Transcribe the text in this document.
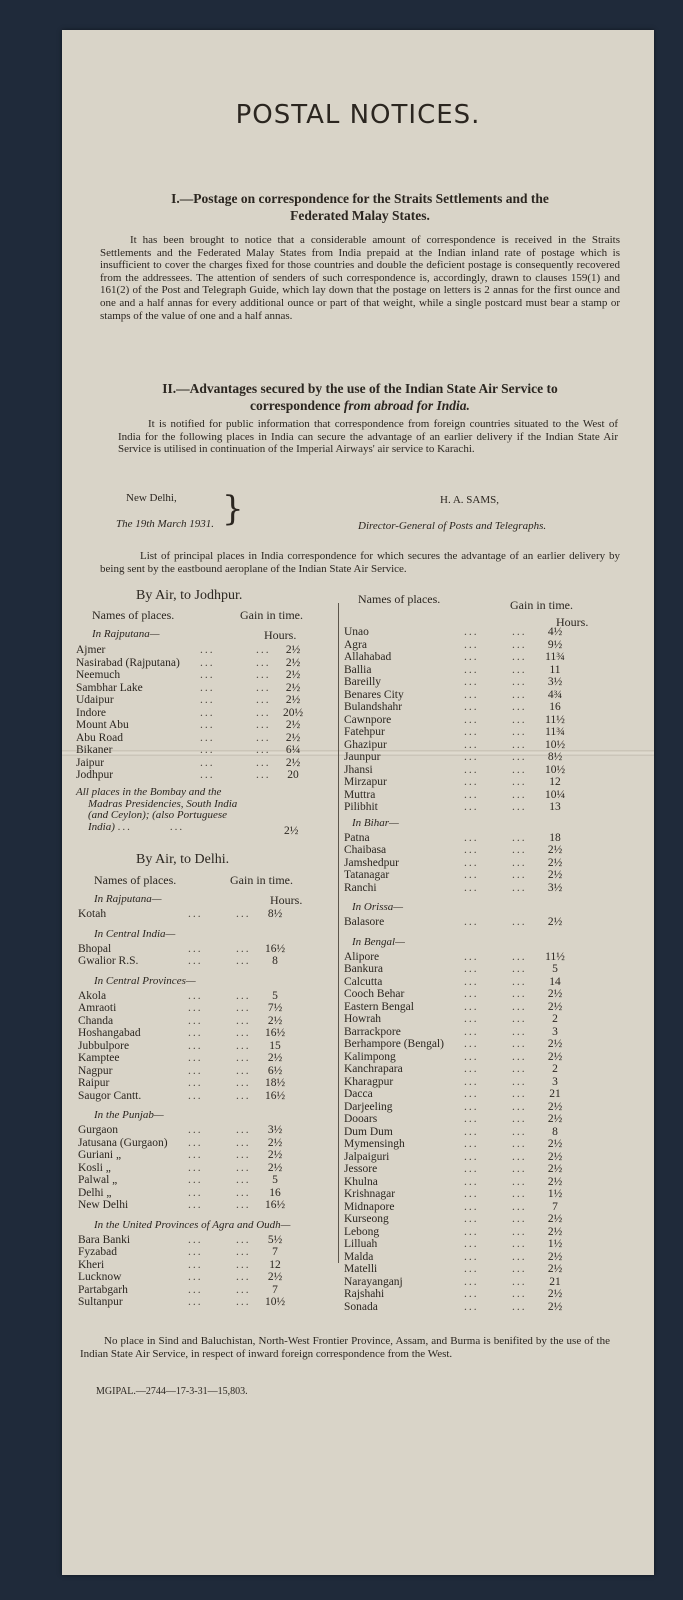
POSTAL NOTICES.
I.—Postage on correspondence for the Straits Settlements and the
Federated Malay States.
It has been brought to notice that a considerable amount of correspondence is received in the Straits Settlements and the Federated Malay States from India prepaid at the Indian inland rate of postage which is insufficient to cover the charges fixed for those countries and double the deficient postage is consequently recovered from the addressees. The attention of senders of such correspondence is, accordingly, drawn to clauses 159(1) and 161(2) of the Post and Telegraph Guide, which lay down that the postage on letters is 2 annas for the first ounce and one and a half annas for every additional ounce or part of that weight, while a single postcard must bear a stamp or stamps of the value of one and a half annas.
II.—Advantages secured by the use of the Indian State Air Service to
correspondence from abroad for India.
It is notified for public information that correspondence from foreign countries situated to the West of India for the following places in India can secure the advantage of an earlier delivery if the Indian State Air Service is utilised in continuation of the Imperial Airways' air service to Karachi.
New Delhi,
The 19th March 1931. }	H. A. SAMS,
Director-General of Posts and Telegraphs.
List of principal places in India correspondence for which secures the advantage of an earlier delivery by being sent by the eastbound aeroplane of the Indian State Air Service.
By Air, to Jodhpur.
Names of places.	Gain in time.
In Rajputana—	Hours.
Ajmer	...	...	2½
Nasirabad (Rajputana) ...	...	2½
Neemuch	...	...	2½
Sambhar Lake	...	...	2½
Udaipur	...	...	2½
Indore	...	...	20½
Mount Abu	...	...	2½
Abu Road	...	...	2½
Bikaner	...	...	6¼
Jaipur	...	...	2½
Jodhpur	...	...	20
All places in the Bombay and the
Madras Presidencies, South India
(and Ceylon); (also Portuguese
India) ...        ...	2½
By Air, to Delhi.
Names of places.	Gain in time.
Hours.
In Rajputana—
Kotah	...	...	8½
In Central India—
Bhopal	...	...	16½
Gwalior R.S.	...	...	8
In Central Provinces—
Akola	...	...	5
Amraoti	...	...	7½
Chanda	...	...	2½
Hoshangabad	...	...	16½
Jubbulpore	...	...	15
Kamptee	...	...	2½
Nagpur	...	...	6½
Raipur	...	...	18½
Saugor Cantt.	...	...	16½
In the Punjab—
Gurgaon	...	...	3½
Jatusana (Gurgaon) ...	...	2½
Guriani „	...	...	2½
Kosli „	...	...	2½
Palwal „	...	...	5
Delhi „	...	...	16
New Delhi	...	...	16½
In the United Provinces of Agra and Oudh—
Bara Banki	...	...	5½
Fyzabad	...	...	7
Kheri	...	...	12
Lucknow	...	...	2½
Partabgarh	...	...	7
Sultanpur	...	...	10½
Names of places.	Gain in time.
Hours.
Unao	...	...	4½
Agra	...	...	9½
Allahabad	...	...	11¾
Ballia	...	...	11
Bareilly	...	...	3½
Benares City	...	...	4¾
Bulandshahr	...	...	16
Cawnpore	...	...	11½
Fatehpur	...	...	11¾
Ghazipur	...	...	10½
Jaunpur	...	...	8½
Jhansi	...	...	10½
Mirzapur	...	...	12
Muttra	...	...	10¼
Pilibhit	...	...	13
In Bihar—
Patna	...	...	18
Chaibasa	...	...	2½
Jamshedpur	...	...	2½
Tatanagar	...	...	2½
Ranchi	...	...	3½
In Orissa—
Balasore	...	...	2½
In Bengal—
Alipore	...	...	11½
Bankura	...	...	5
Calcutta	...	...	14
Cooch Behar	...	...	2½
Eastern Bengal	...	...	2½
Howrah	...	...	2
Barrackpore	...	...	3
Berhampore (Bengal) ...	...	2½
Kalimpong	...	...	2½
Kanchrapara	...	...	2
Kharagpur	...	...	3
Dacca	...	...	21
Darjeeling	...	...	2½
Dooars	...	...	2½
Dum Dum	...	...	8
Mymensingh	...	...	2½
Jalpaiguri	...	...	2½
Jessore	...	...	2½
Khulna	...	...	2½
Krishnagar	...	...	1½
Midnapore	...	...	7
Kurseong	...	...	2½
Lebong	...	...	2½
Lilluah	...	...	1½
Malda	...	...	2½
Matelli	...	...	2½
Narayanganj	...	...	21
Rajshahi	...	...	2½
Sonada	...	...	2½
No place in Sind and Baluchistan, North-West Frontier Province, Assam, and Burma is benifited by the use of the Indian State Air Service, in respect of inward foreign correspondence from the West.
MGIPAL.—2744—17-3-31—15,803.
